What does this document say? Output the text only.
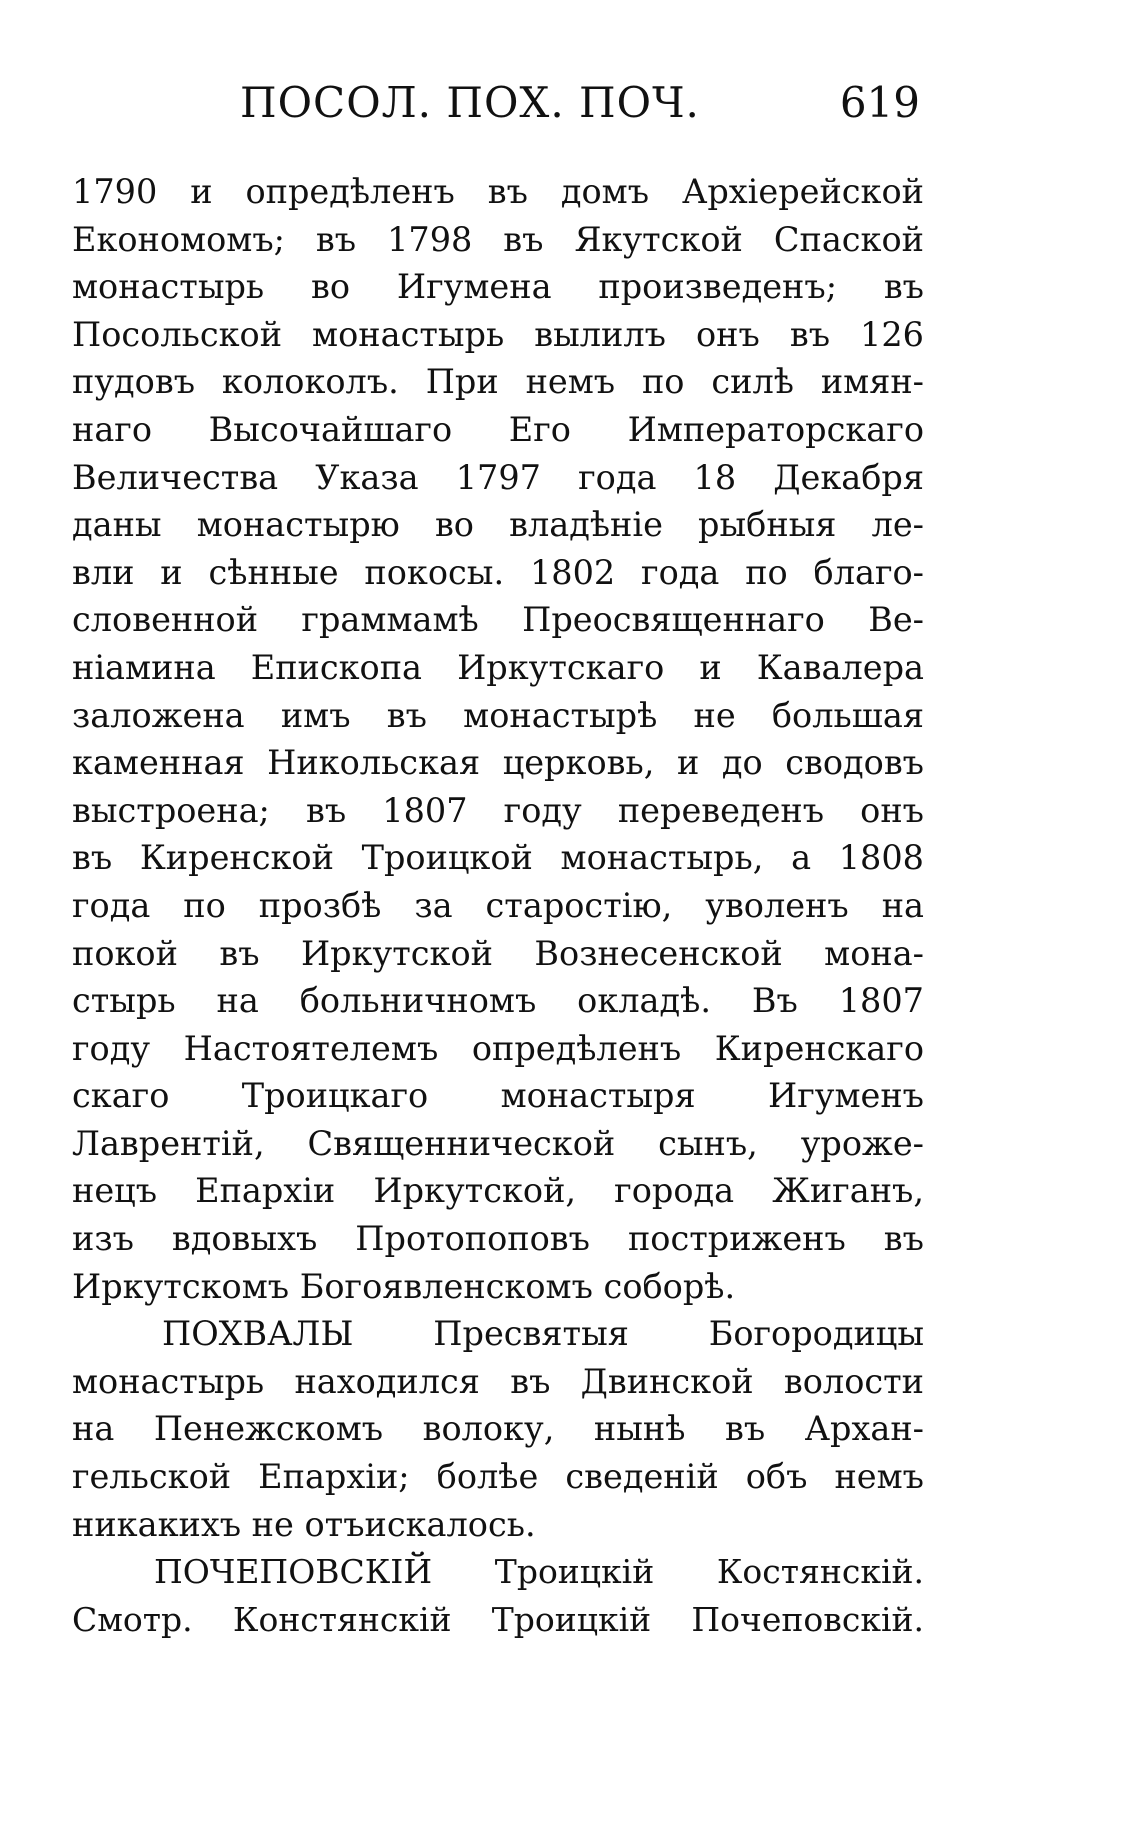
ПОСОЛ. ПОХ. ПОЧ.	619
1790 и опредѣленъ въ домъ Архіерейской
Економомъ; въ 1798 въ Якутской Спаской
монастырь во Игумена произведенъ; въ
Посольской монастырь вылилъ онъ въ 126
пудовъ колоколъ. При немъ по силѣ имян-
наго Высочайшаго Его Императорскаго
Величества Указа 1797 года 18 Декабря
даны монастырю во владѣніе рыбныя ле-
вли и сѣнные покосы. 1802 года по благо-
словенной граммамѣ Преосвященнаго Ве-
ніамина Епископа Иркутскаго и Кавалера
заложена имъ въ монастырѣ не большая
каменная Никольская церковь, и до сводовъ
выстроена; въ 1807 году переведенъ онъ
въ Киренской Троицкой монастырь, а 1808
года по прозбѣ за старостію, уволенъ на
покой въ Иркутской Вознесенской мона-
стырь на больничномъ окладѣ. Въ 1807
году Настоятелемъ опредѣленъ Киренскаго
скаго Троицкаго монастыря Игуменъ
Лаврентій, Священнической сынъ, урожe-
нецъ Епархіи Иркутской, города Жиганъ,
изъ вдовыхъ Протопоповъ постриженъ въ
Иркутскомъ Богоявленскомъ соборѣ.
ПОХВАЛЫ Пресвятыя Богородицы
монастырь находился въ Двинской волости
на Пенежскомъ волоку, нынѣ въ Архан-
гельской Епархіи; болѣе сведеній объ немъ
никакихъ не отъискалось.
ПОЧЕПОВСКІЙ Троицкій Костянскій.
Смотр. Констянскій Троицкій Почеповскій.
